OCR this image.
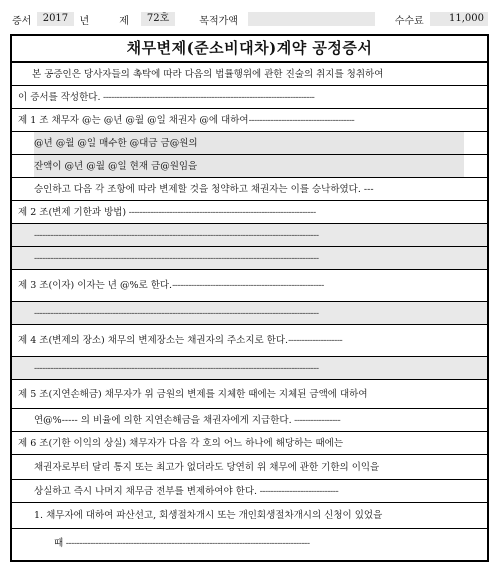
증서	2017	년	제	72호	목적가액	수수료	11,000
채무변제(준소비대차)계약 공정증서
본 공증인은 당사자들의 촉탁에 따라 다음의 법률행위에 관한 진술의 취지를 청취하여
이 증서를 작성한다. ------------------------------------------------------------------------------
제 1 조 채무자 @는 @년 @월 @일 채권자 @에 대하여---------------------------------------
@년 @월 @일 매수한 @대금 금@원의
잔액이 @년 @월 @일 현재 금@원임을
승인하고 다음 각 조항에 따라 변제할 것을 청약하고 채권자는 이를 승낙하였다. ---
제 2 조(변제 기한과 방법) ---------------------------------------------------------------------
---------------------------------------------------------------------------------------------------------
---------------------------------------------------------------------------------------------------------
제 3 조(이자) 이자는 년 @%로 한다.--------------------------------------------------------
---------------------------------------------------------------------------------------------------------
제 4 조(변제의 장소) 채무의 변제장소는 채권자의 주소지로 한다.--------------------
---------------------------------------------------------------------------------------------------------
제 5 조(지연손해금) 채무자가 위 금원의 변제를 지체한 때에는 지체된 금액에 대하여
연@%----- 의 비율에 의한 지연손해금을 채권자에게 지급한다. -----------------
제 6 조(기한 이익의 상실) 채무자가 다음 각 호의 어느 하나에 해당하는 때에는
채권자로부터 달리 통지 또는 최고가 없더라도 당연히 위 채무에 관한 기한의 이익을
상실하고 즉시 나머지 채무금 전부를 변제하여야 한다. -----------------------------
1. 채무자에 대하여 파산선고, 회생절차개시 또는 개인회생절차개시의 신청이 있었을
때 ------------------------------------------------------------------------------------------
